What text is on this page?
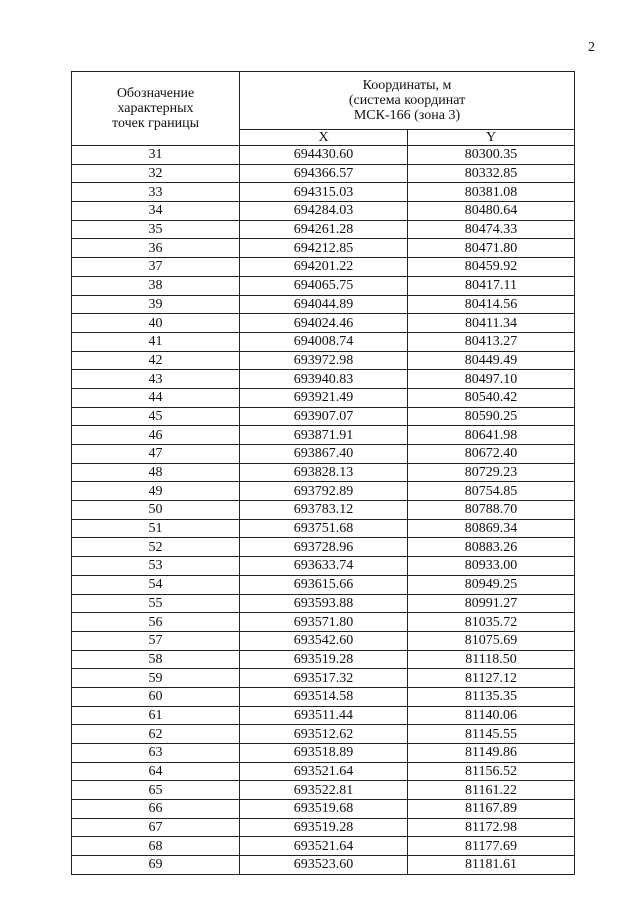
2
Обозначение
характерных
точек границы	Координаты, м
(система координат
МСК-166 (зона 3)	

	X	Y
31	694430.60	80300.35
32	694366.57	80332.85
33	694315.03	80381.08
34	694284.03	80480.64
35	694261.28	80474.33
36	694212.85	80471.80
37	694201.22	80459.92
38	694065.75	80417.11
39	694044.89	80414.56
40	694024.46	80411.34
41	694008.74	80413.27
42	693972.98	80449.49
43	693940.83	80497.10
44	693921.49	80540.42
45	693907.07	80590.25
46	693871.91	80641.98
47	693867.40	80672.40
48	693828.13	80729.23
49	693792.89	80754.85
50	693783.12	80788.70
51	693751.68	80869.34
52	693728.96	80883.26
53	693633.74	80933.00
54	693615.66	80949.25
55	693593.88	80991.27
56	693571.80	81035.72
57	693542.60	81075.69
58	693519.28	81118.50
59	693517.32	81127.12
60	693514.58	81135.35
61	693511.44	81140.06
62	693512.62	81145.55
63	693518.89	81149.86
64	693521.64	81156.52
65	693522.81	81161.22
66	693519.68	81167.89
67	693519.28	81172.98
68	693521.64	81177.69
69	693523.60	81181.61
